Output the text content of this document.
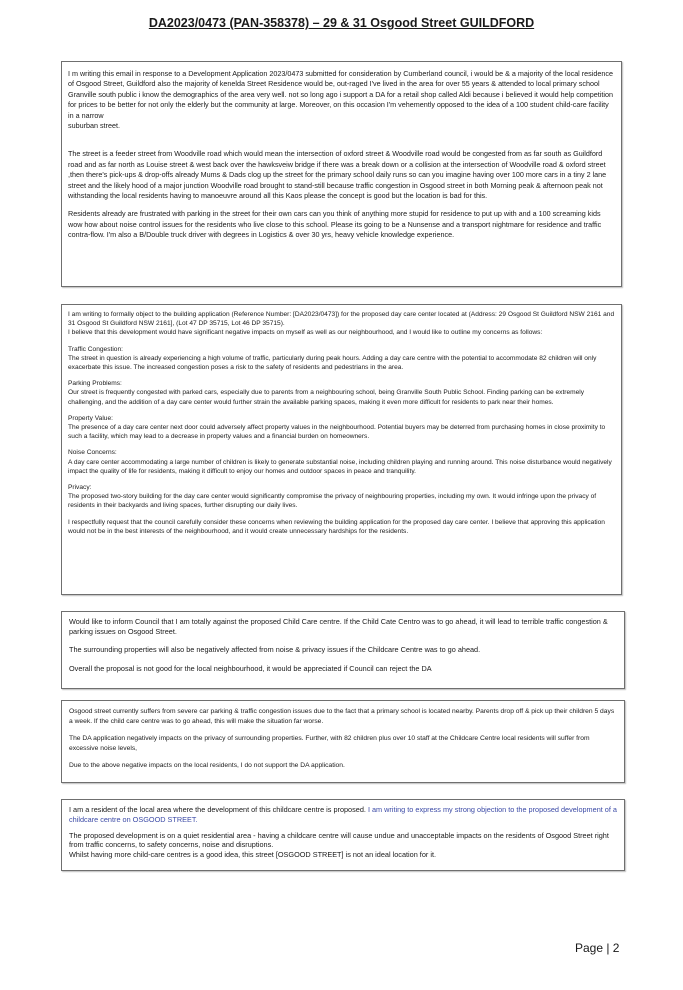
DA2023/0473 (PAN-358378) – 29 & 31 Osgood Street GUILDFORD

I m writing this email in response to a Development Application 2023/0473 submitted for consideration by Cumberland council, i would be & a majority of the local residence of Osgood Street, Guildford also the majority of kenelda Street Residence would be, out-raged I've lived in the area for over 55 years & attended to local primary school Granville south public i know the demographics of the area very well. not so long ago i support a DA for a retail shop called Aldi because i believed it would help competition for prices to be better for not only the elderly but the community at large. Moreover, on this occasion I'm vehemently opposed to the idea of a 100 student child-care facility in a narrow
suburban street.

The street is a feeder street from Woodville road which would mean the intersection of oxford street & Woodville road would be congested from as far south as Guildford road and as far north as Louise street & west back over the hawksveiw bridge if there was a break down or a collision at the intersection of Woodville road & oxford street ,then there's pick-ups & drop-offs already Mums & Dads clog up the street for the primary school daily runs so can you imagine having over 100 more cars in a tiny 2 lane street and the likely hood of a major junction Woodville road brought to stand-still because traffic congestion in Osgood street in both Morning peak & afternoon peak not withstanding the local residents having to manoeuvre around all this Kaos please the concept is good but the location is bad for this.

Residents already are frustrated with parking in the street for their own cars can you think of anything more stupid for residence to put up with and a 100 screaming kids wow how about noise control issues for the residents who live close to this school. Please its going to be a Nunsense and a transport nightmare for residence and traffic contra-flow. I'm also a B/Double truck driver with degrees in Logistics & over 30 yrs, heavy vehicle knowledge experience.

I am writing to formally object to the building application (Reference Number: [DA2023/0473]) for the proposed day care center located at (Address: 29 Osgood St Guildford NSW 2161 and 31 Osgood St Guildford NSW 2161], (Lot 47 DP 35715, Lot 46 DP 35715).
I believe that this development would have significant negative impacts on myself as well as our neighbourhood, and I would like to outline my concerns as follows:

Traffic Congestion:
The street in question is already experiencing a high volume of traffic, particularly during peak hours. Adding a day care centre with the potential to accommodate 82 children will only exacerbate this issue. The increased congestion poses a risk to the safety of residents and pedestrians in the area.

Parking Problems:
Our street is frequently congested with parked cars, especially due to parents from a neighbouring school, being Granville South Public School. Finding parking can be extremely challenging, and the addition of a day care center would further strain the available parking spaces, making it even more difficult for residents to park near their homes.

Property Value:
The presence of a day care center next door could adversely affect property values in the neighbourhood. Potential buyers may be deterred from purchasing homes in close proximity to such a facility, which may lead to a decrease in property values and a financial burden on homeowners.

Noise Concerns:
A day care center accommodating a large number of children is likely to generate substantial noise, including children playing and running around. This noise disturbance would negatively impact the quality of life for residents, making it difficult to enjoy our homes and outdoor spaces in peace and tranquility.

Privacy:
The proposed two-story building for the day care center would significantly compromise the privacy of neighbouring properties, including my own. It would infringe upon the privacy of residents in their backyards and living spaces, further disrupting our daily lives.

I respectfully request that the council carefully consider these concerns when reviewing the building application for the proposed day care center. I believe that approving this application would not be in the best interests of the neighbourhood, and it would create unnecessary hardships for the residents.

Would like to inform Council that I am totally against the proposed Child Care centre. If the Child Cate Centro was to go ahead, it will lead to terrible traffic congestion & parking issues on Osgood Street.

The surrounding properties will also be negatively affected from noise & privacy issues if the Childcare Centre was to go ahead.

Overall the proposal is not good for the local neighbourhood, it would be appreciated if Council can reject the DA

Osgood street currently suffers from severe car parking & traffic congestion issues due to the fact that a primary school is located nearby. Parents drop off & pick up their children 5 days a week. If the child care centre was to go ahead, this will make the situation far worse.

The DA application negatively impacts on the privacy of surrounding properties. Further, with 82 children plus over 10 staff at the Childcare Centre local residents will suffer from excessive noise levels,

Due to the above negative impacts on the local residents, I do not support the DA application.

I am a resident of the local area where the development of this childcare centre is proposed. I am writing to express my strong objection to the proposed development of a childcare centre on OSGOOD STREET.

The proposed development is on a quiet residential area - having a childcare centre will cause undue and unacceptable impacts on the residents of Osgood Street right from traffic concerns, to safety concerns, noise and disruptions.
Whilst having more child-care centres is a good idea, this street [OSGOOD STREET] is not an ideal location for it.

Page | 2
